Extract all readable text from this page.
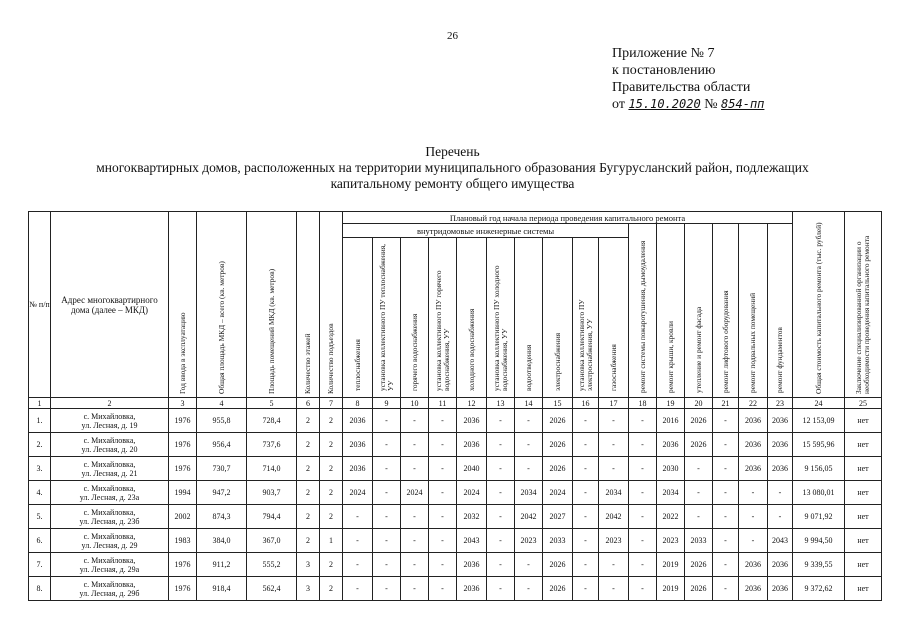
26
Приложение № 7
к постановлению
Правительства области
от 15.10.2020 № 854-пп
Перечень
многоквартирных домов, расположенных на территории муниципального образования Бугурусланский район, подлежащих
капитальному ремонту общего имущества
№ п/п	Адрес многоквартирного дома (далее – МКД)	Год ввода в эксплуатацию	Общая площадь МКД – всего (кв. метров)	Площадь помещений МКД (кв. метров)	Количество этажей	Количество подъездов	Плановый год начала периода проведения капитального ремонта																Общая стоимость капитального ремонта (тыс. рублей)	Заключение специализированной организации о необходимости проведения капитального ремонта

							внутридомовые инженерные системы										ремонт системы пожаротушения, дымоудаления	ремонт крыши, кровли	утепление и ремонт фасада	ремонт лифтового оборудования	ремонт подвальных помещений	ремонт фундаментов		

							теплоснабжения	установка коллективного ПУ теплоснабжения, УУ	горячего водоснабжения	установка коллективного ПУ горячего водоснабжения, УУ	холодного водоснабжения	установка коллективного ПУ холодного водоснабжения, УУ	водоотведения	электроснабжения	установка коллективного ПУ электроснабжения, УУ	газоснабжения								

1	2	3	4	5	6	7	8	9	10	11	12	13	14	15	16	17	18	19	20	21	22	23	24	25
1.	с. Михайловка,
ул. Лесная, д. 19	1976	955,8	728,4	2	2	2036	-	-	-	2036	-	-	2026	-	-	-	2016	2026	-	2036	2036	12 153,09	нет
2.	с. Михайловка,
ул. Лесная, д. 20	1976	956,4	737,6	2	2	2036	-	-	-	2036	-	-	2026	-	-	-	2036	2026	-	2036	2036	15 595,96	нет
3.	с. Михайловка,
ул. Лесная, д. 21	1976	730,7	714,0	2	2	2036	-	-	-	2040	-	-	2026	-	-	-	2030	-	-	2036	2036	9 156,05	нет
4.	с. Михайловка,
ул. Лесная, д. 23а	1994	947,2	903,7	2	2	2024	-	2024	-	2024	-	2034	2024	-	2034	-	2034	-	-	-	-	13 080,01	нет
5.	с. Михайловка,
ул. Лесная, д. 23б	2002	874,3	794,4	2	2	-	-	-	-	2032	-	2042	2027	-	2042	-	2022	-	-	-	-	9 071,92	нет
6.	с. Михайловка,
ул. Лесная, д. 29	1983	384,0	367,0	2	1	-	-	-	-	2043	-	2023	2033	-	2023	-	2023	2033	-	-	2043	9 994,50	нет
7.	с. Михайловка,
ул. Лесная, д. 29а	1976	911,2	555,2	3	2	-	-	-	-	2036	-	-	2026	-	-	-	2019	2026	-	2036	2036	9 339,55	нет
8.	с. Михайловка,
ул. Лесная, д. 29б	1976	918,4	562,4	3	2	-	-	-	-	2036	-	-	2026	-	-	-	2019	2026	-	2036	2036	9 372,62	нет
